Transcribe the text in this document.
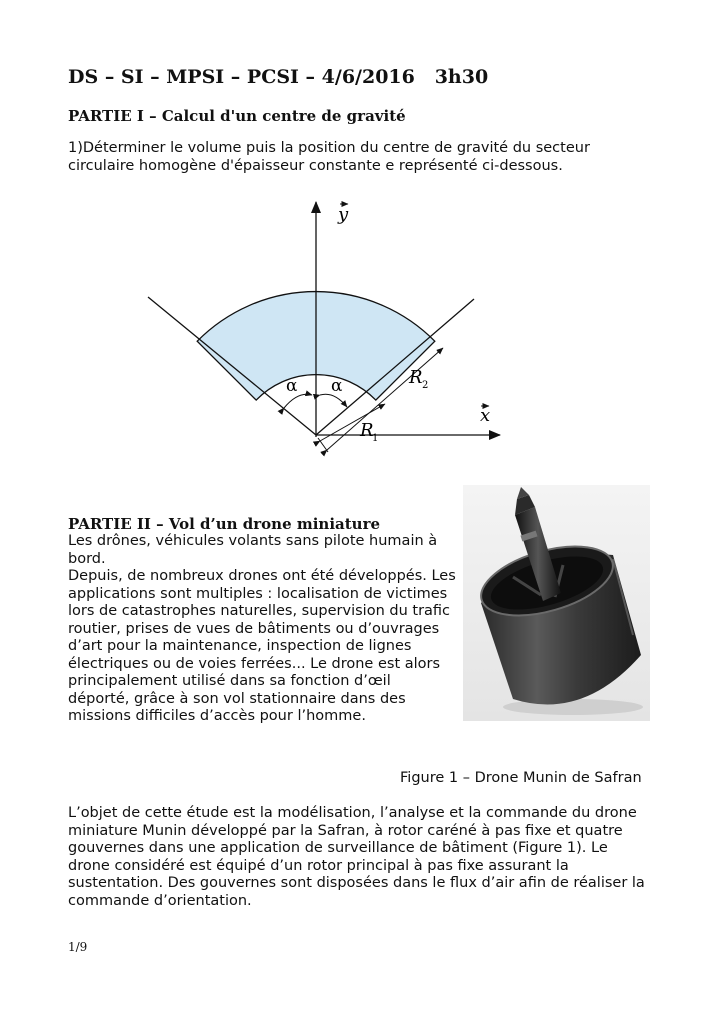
DS – SI – MPSI – PCSI – 4/6/2016   3h30
PARTIE I – Calcul d'un centre de gravité
1)Déterminer le volume puis la position du centre de gravité du secteur
circulaire homogène d'épaisseur constante e représenté ci-dessous.
y
x
α α	R 2
R
1
PARTIE II – Vol d’un drone miniature
Les drônes, véhicules volants sans pilote humain à
bord.
Depuis, de nombreux drones ont été développés. Les
applications sont multiples : localisation de victimes
lors de catastrophes naturelles, supervision du trafic
routier, prises de vues de bâtiments ou d’ouvrages
d’art pour la maintenance, inspection de lignes
électriques ou de voies ferrées... Le drone est alors
principalement utilisé dans sa fonction d’œil
déporté, grâce à son vol stationnaire dans des
missions difficiles d’accès pour l’homme.
Figure 1 – Drone Munin de Safran
L’objet de cette étude est la modélisation, l’analyse et la commande du drone
miniature Munin développé par la Safran, à rotor caréné à pas fixe et quatre
gouvernes dans une application de surveillance de bâtiment (Figure 1). Le
drone considéré est équipé d’un rotor principal à pas fixe assurant la
sustentation. Des gouvernes sont disposées dans le flux d’air afin de réaliser la
commande d’orientation.
1/9
